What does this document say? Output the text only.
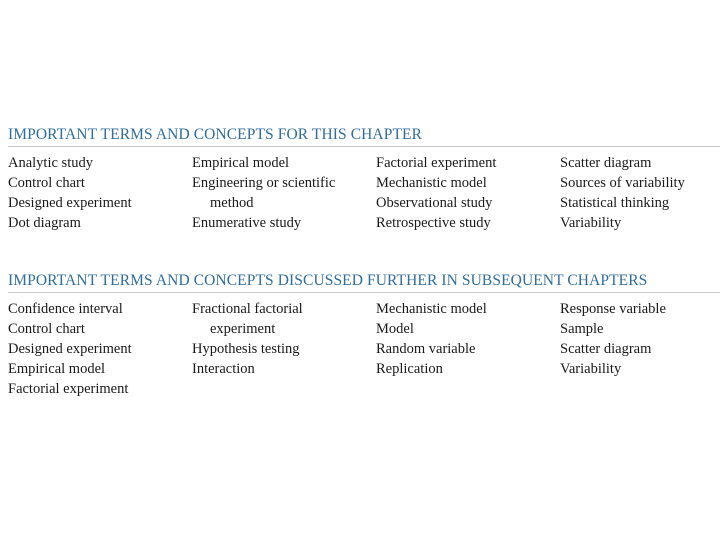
IMPORTANT TERMS AND CONCEPTS FOR THIS CHAPTER
Analytic study
Control chart
Designed experiment
Dot diagram
Empirical model
Engineering or scientific
method
Enumerative study
Factorial experiment
Mechanistic model
Observational study
Retrospective study
Scatter diagram
Sources of variability
Statistical thinking
Variability
IMPORTANT TERMS AND CONCEPTS DISCUSSED FURTHER IN SUBSEQUENT CHAPTERS
Confidence interval
Control chart
Designed experiment
Empirical model
Factorial experiment
Fractional factorial
experiment
Hypothesis testing
Interaction
Mechanistic model
Model
Random variable
Replication
Response variable
Sample
Scatter diagram
Variability
